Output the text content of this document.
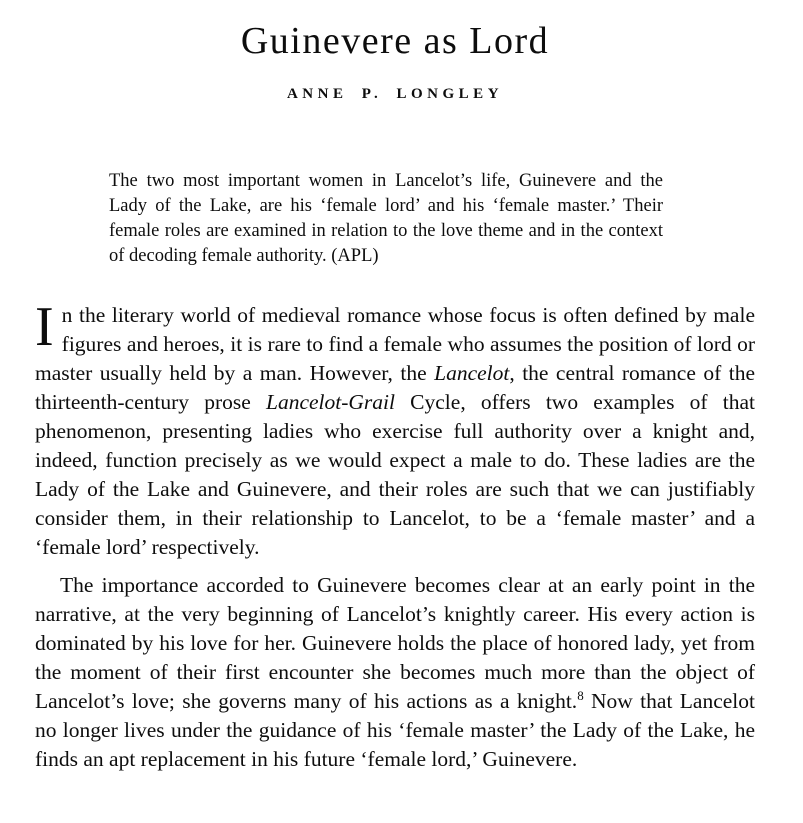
Guinevere as Lord
ANNE P. LONGLEY

The two most important women in Lancelot’s life, Guinevere and the Lady of the Lake, are his ‘female lord’ and his ‘female master.’ Their female roles are examined in relation to the love theme and in the context of decoding female authority. (APL)

In the literary world of medieval romance whose focus is often defined by male figures and heroes, it is rare to find a female who assumes the position of lord or master usually held by a man. However, the Lancelot, the central romance of the thirteenth-century prose Lancelot-Grail Cycle, offers two examples of that phenomenon, presenting ladies who exercise full authority over a knight and, indeed, function precisely as we would expect a male to do. These ladies are the Lady of the Lake and Guinevere, and their roles are such that we can justifiably consider them, in their relationship to Lancelot, to be a ‘female master’ and a ‘female lord’ respectively.

The importance accorded to Guinevere becomes clear at an early point in the narrative, at the very beginning of Lancelot’s knightly career. His every action is dominated by his love for her. Guinevere holds the place of honored lady, yet from the moment of their first encounter she becomes much more than the object of Lancelot’s love; she governs many of his actions as a knight.$^8$ Now that Lancelot no longer lives under the guidance of his ‘female master’ the Lady of the Lake, he finds an apt replacement in his future ‘female lord,’ Guinevere.
